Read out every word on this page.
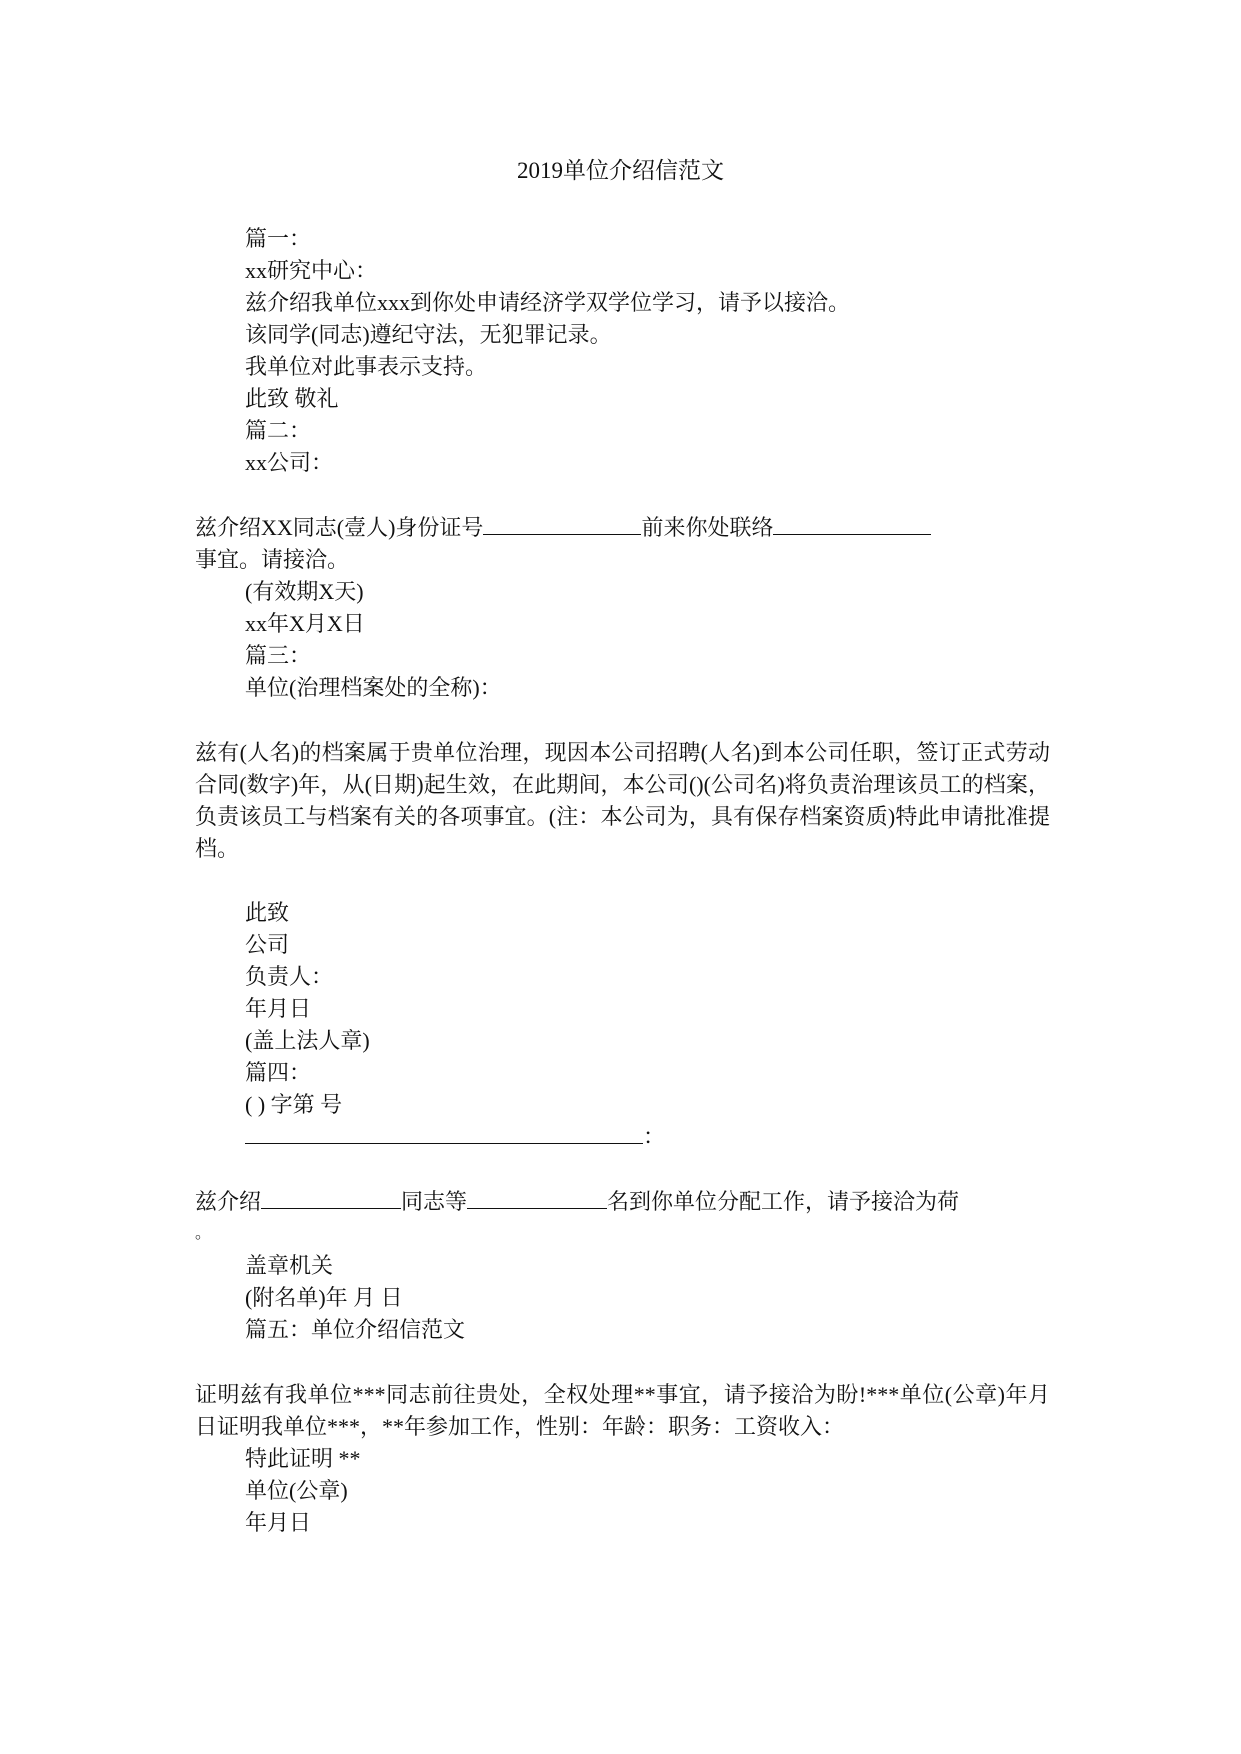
2019单位介绍信范文
篇一：
xx研究中心：
兹介绍我单位xxx到你处申请经济学双学位学习，请予以接洽。
该同学(同志)遵纪守法，无犯罪记录。
我单位对此事表示支持。
此致 敬礼
篇二：
xx公司：
兹介绍XX同志(壹人)身份证号	前来你处联络
事宜。请接洽。
(有效期X天)
xx年X月X日
篇三：
单位(治理档案处的全称)：
兹有(人名)的档案属于贵单位治理，现因本公司招聘(人名)到本公司任职，签订正式劳动合同(数字)年，从(日期)起生效，在此期间，本公司()(公司名)将负责治理该员工的档案，负责该员工与档案有关的各项事宜。(注：本公司为，具有保存档案资质)特此申请批准提档。
此致
公司
负责人：
年月日
(盖上法人章)
篇四：
( ) 字第 号
：
兹介绍	同志等	名到你单位分配工作，请予接洽为荷
。
盖章机关
(附名单)年 月 日
篇五：单位介绍信范文
证明兹有我单位***同志前往贵处，全权处理**事宜，请予接洽为盼!***单位(公章)年月日证明我单位***，**年参加工作，性别：年龄：职务：工资收入：
特此证明 **
单位(公章)
年月日
